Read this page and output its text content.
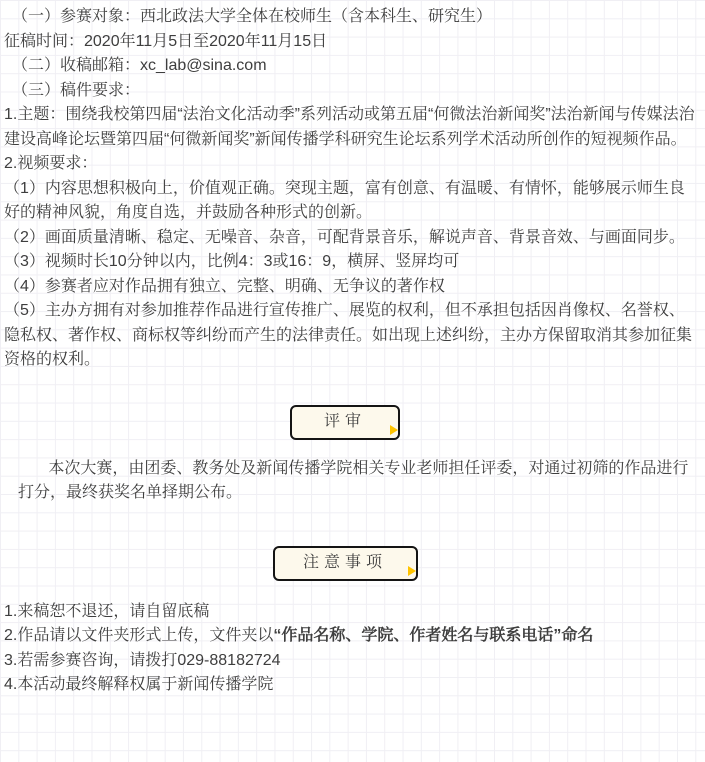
（一）参赛对象：西北政法大学全体在校师生（含本科生、研究生）

征稿时间：2020年11月5日至2020年11月15日

（二）收稿邮箱：xc_lab@sina.com

（三）稿件要求：

1.主题：围绕我校第四届“法治文化活动季”系列活动或第五届“何微法治新闻奖”法治新闻与传媒法治建设高峰论坛暨第四届“何微新闻奖”新闻传播学科研究生论坛系列学术活动所创作的短视频作品。

2.视频要求：

（1）内容思想积极向上，价值观正确。突现主题，富有创意、有温暖、有情怀，能够展示师生良好的精神风貌，角度自选，并鼓励各种形式的创新。

（2）画面质量清晰、稳定、无噪音、杂音，可配背景音乐，解说声音、背景音效、与画面同步。

（3）视频时长10分钟以内，比例4：3或16：9，横屏、竖屏均可

（4）参赛者应对作品拥有独立、完整、明确、无争议的著作权

（5）主办方拥有对参加推荐作品进行宣传推广、展览的权利，但不承担包括因肖像权、名誉权、隐私权、著作权、商标权等纠纷而产生的法律责任。如出现上述纠纷，主办方保留取消其参加征集资格的权利。

评审

本次大赛，由团委、教务处及新闻传播学院相关专业老师担任评委，对通过初筛的作品进行打分，最终获奖名单择期公布。

注意事项

1.来稿恕不退还，请自留底稿

2.作品请以文件夹形式上传，文件夹以“作品名称、学院、作者姓名与联系电话”命名

3.若需参赛咨询，请拨打029-88182724

4.本活动最终解释权属于新闻传播学院
